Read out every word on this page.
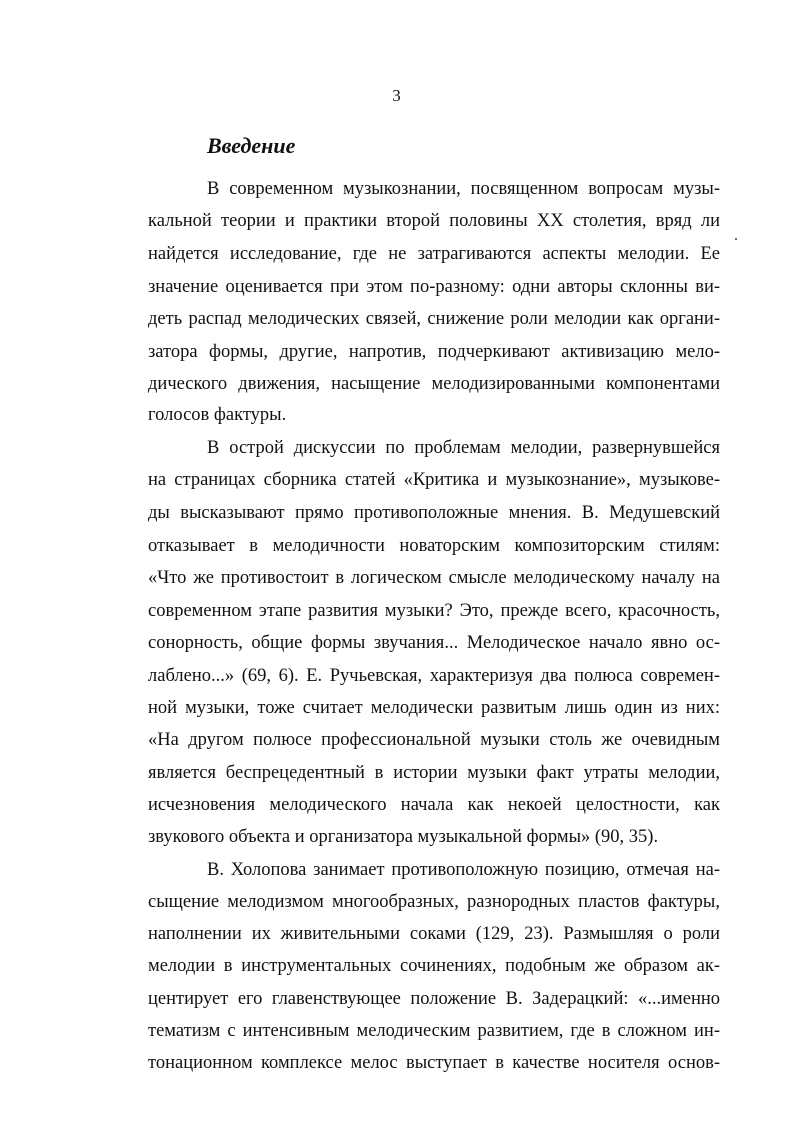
3
Введение
В современном музыкознании, посвященном вопросам музы-
кальной теории и практики второй половины XX столетия, вряд ли
найдется исследование, где не затрагиваются аспекты мелодии. Ее
значение оценивается при этом по-разному: одни авторы склонны ви-
деть распад мелодических связей, снижение роли мелодии как органи-
затора формы, другие, напротив, подчеркивают активизацию мело-
дического движения, насыщение мелодизированными компонентами
голосов фактуры.
В острой дискуссии по проблемам мелодии, развернувшейся
на страницах сборника статей «Критика и музыкознание», музыкове-
ды высказывают прямо противоположные мнения. В. Медушевский
отказывает в мелодичности новаторским композиторским стилям:
«Что же противостоит в логическом смысле мелодическому началу на
современном этапе развития музыки? Это, прежде всего, красочность,
сонорность, общие формы звучания... Мелодическое начало явно ос-
лаблено...» (69, 6). Е. Ручьевская, характеризуя два полюса современ-
ной музыки, тоже считает мелодически развитым лишь один из них:
«На другом полюсе профессиональной музыки столь же очевидным
является беспрецедентный в истории музыки факт утраты мелодии,
исчезновения мелодического начала как некоей целостности, как
звукового объекта и организатора музыкальной формы» (90, 35).
В. Холопова занимает противоположную позицию, отмечая на-
сыщение мелодизмом многообразных, разнородных пластов фактуры,
наполнении их живительными соками (129, 23). Размышляя о роли
мелодии в инструментальных сочинениях, подобным же образом ак-
центирует его главенствующее положение В. Задерацкий: «...именно
тематизм с интенсивным мелодическим развитием, где в сложном ин-
тонационном комплексе мелос выступает в качестве носителя основ-
